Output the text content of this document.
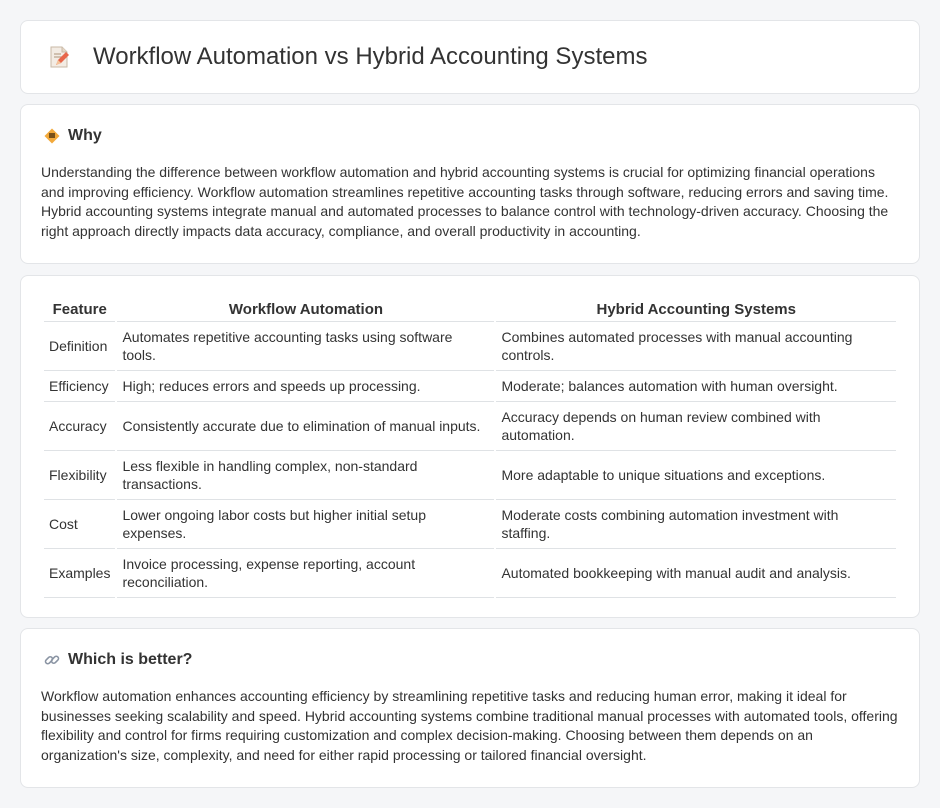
Workflow Automation vs Hybrid Accounting Systems
Why

Understanding the difference between workflow automation and hybrid accounting systems is crucial for optimizing financial operations and improving efficiency. Workflow automation streamlines repetitive accounting tasks through software, reducing errors and saving time. Hybrid accounting systems integrate manual and automated processes to balance control with technology-driven accuracy. Choosing the right approach directly impacts data accuracy, compliance, and overall productivity in accounting.

Feature	Workflow Automation	Hybrid Accounting Systems
Definition	Automates repetitive accounting tasks using software tools.	Combines automated processes with manual accounting controls.
Efficiency	High; reduces errors and speeds up processing.	Moderate; balances automation with human oversight.
Accuracy	Consistently accurate due to elimination of manual inputs.	Accuracy depends on human review combined with automation.
Flexibility	Less flexible in handling complex, non-standard transactions.	More adaptable to unique situations and exceptions.
Cost	Lower ongoing labor costs but higher initial setup expenses.	Moderate costs combining automation investment with staffing.
Examples	Invoice processing, expense reporting, account reconciliation.	Automated bookkeeping with manual audit and analysis.
Which is better?

Workflow automation enhances accounting efficiency by streamlining repetitive tasks and reducing human error, making it ideal for businesses seeking scalability and speed. Hybrid accounting systems combine traditional manual processes with automated tools, offering flexibility and control for firms requiring customization and complex decision-making. Choosing between them depends on an organization's size, complexity, and need for either rapid processing or tailored financial oversight.
